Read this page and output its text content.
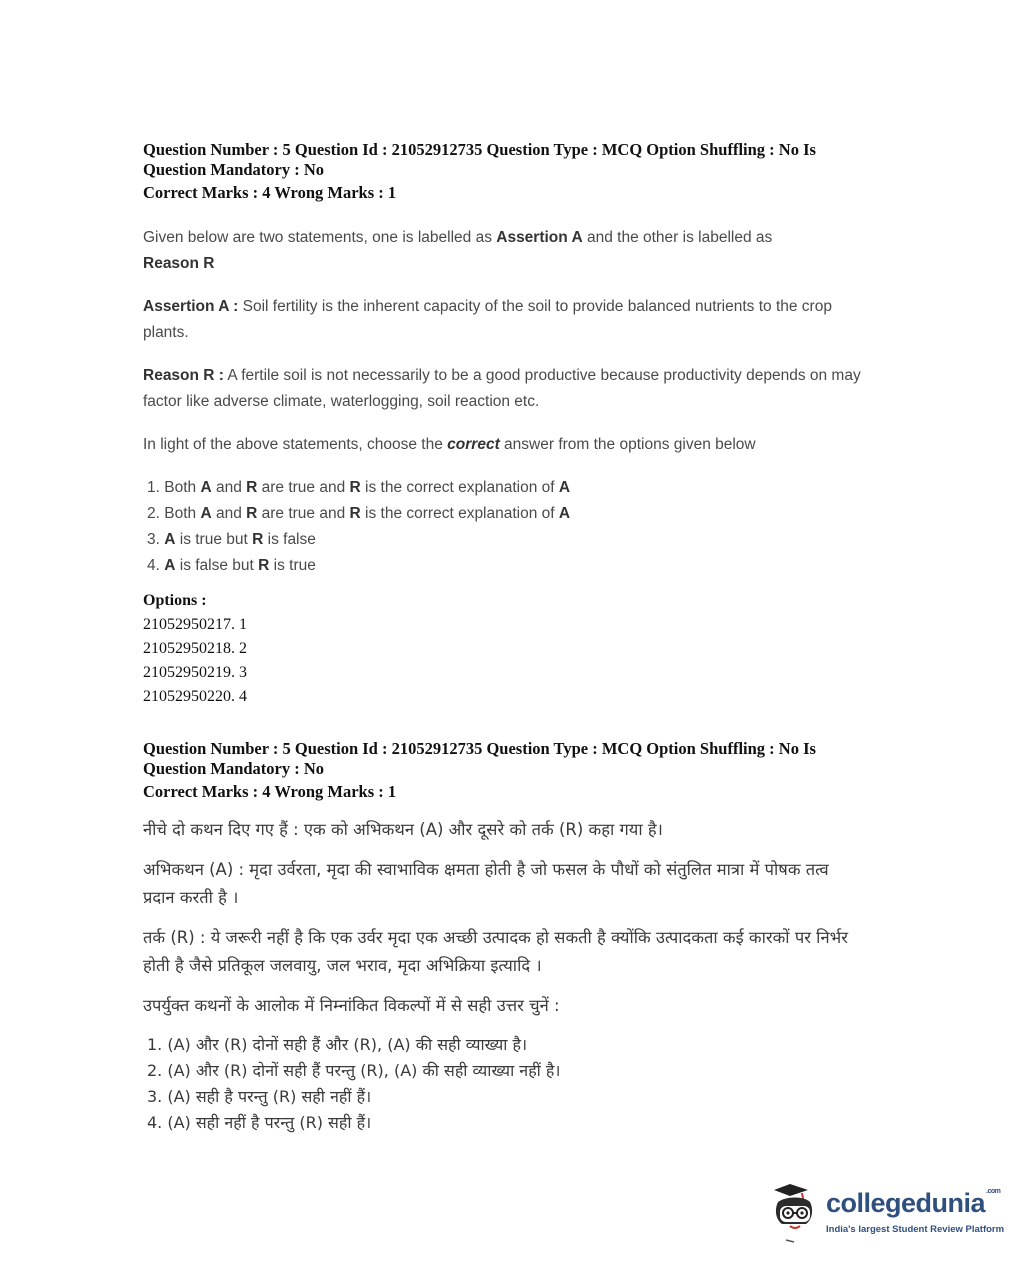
Question Number : 5 Question Id : 21052912735 Question Type : MCQ Option Shuffling : No Is
Question Mandatory : No
Correct Marks : 4 Wrong Marks : 1

Given below are two statements, one is labelled as Assertion A and the other is labelled as
Reason R

Assertion A : Soil fertility is the inherent capacity of the soil to provide balanced nutrients to the crop plants.

Reason R : A fertile soil is not necessarily to be a good productive because productivity depends on may factor like adverse climate, waterlogging, soil reaction etc.

In light of the above statements, choose the correct answer from the options given below

1. Both A and R are true and R is the correct explanation of A
2. Both A and R are true and R is the correct explanation of A
3. A is true but R is false
4. A is false but R is true
Options :
21052950217. 1
21052950218. 2
21052950219. 3
21052950220. 4
Question Number : 5 Question Id : 21052912735 Question Type : MCQ Option Shuffling : No Is
Question Mandatory : No
Correct Marks : 4 Wrong Marks : 1

नीचे दो कथन दिए गए हैं : एक को अभिकथन (A) और दूसरे को तर्क (R) कहा गया है।

अभिकथन (A) : मृदा उर्वरता, मृदा की स्वाभाविक क्षमता होती है जो फसल के पौधों को संतुलित मात्रा में पोषक तत्व प्रदान करती है ।

तर्क (R) : ये जरूरी नहीं है कि एक उर्वर मृदा एक अच्छी उत्पादक हो सकती है क्योंकि उत्पादकता कई कारकों पर निर्भर होती है जैसे प्रतिकूल जलवायु, जल भराव, मृदा अभिक्रिया इत्यादि ।

उपर्युक्त कथनों के आलोक में निम्नांकित विकल्पों में से सही उत्तर चुनें :

1. (A) और (R) दोनों सही हैं और (R), (A) की सही व्याख्या है।
2. (A) और (R) दोनों सही हैं परन्तु (R), (A) की सही व्याख्या नहीं है।
3. (A) सही है परन्तु (R) सही नहीं हैं।
4. (A) सही नहीं है परन्तु (R) सही हैं।
collegedunia$^{.com}$
India's largest Student Review Platform
